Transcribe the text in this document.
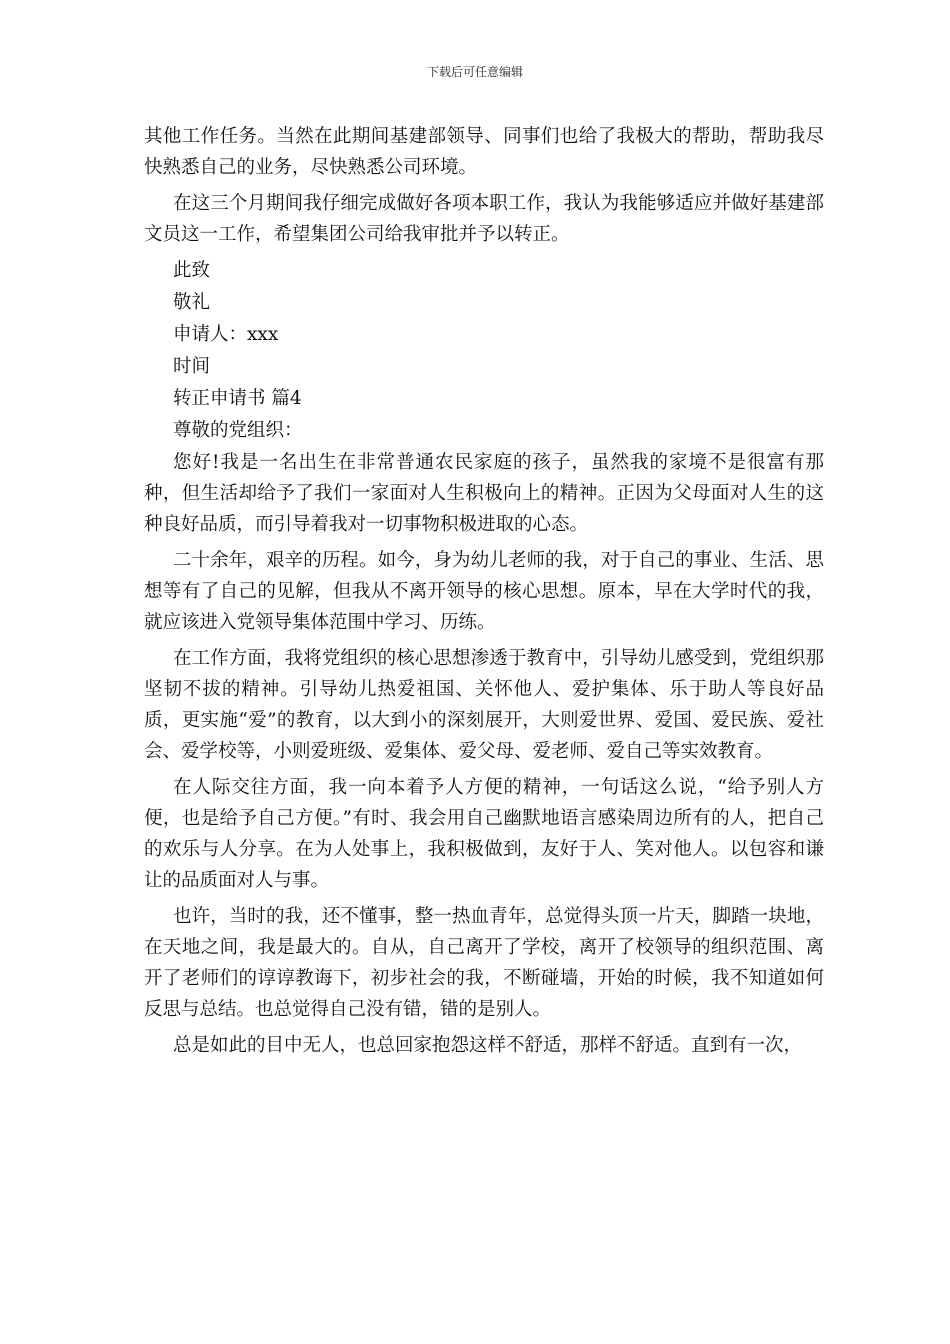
下载后可任意编辑

其他工作任务。当然在此期间基建部领导、同事们也给了我极大的帮助，帮助我尽快熟悉自己的业务，尽快熟悉公司环境。

在这三个月期间我仔细完成做好各项本职工作，我认为我能够适应并做好基建部文员这一工作，希望集团公司给我审批并予以转正。

此致

敬礼

申请人：xxx

时间

转正申请书 篇4

尊敬的党组织：

您好!我是一名出生在非常普通农民家庭的孩子，虽然我的家境不是很富有那种，但生活却给予了我们一家面对人生积极向上的精神。正因为父母面对人生的这种良好品质，而引导着我对一切事物积极进取的心态。

二十余年，艰辛的历程。如今，身为幼儿老师的我，对于自己的事业、生活、思想等有了自己的见解，但我从不离开领导的核心思想。原本，早在大学时代的我，就应该进入党领导集体范围中学习、历练。

在工作方面，我将党组织的核心思想渗透于教育中，引导幼儿感受到，党组织那坚韧不拔的精神。引导幼儿热爱祖国、关怀他人、爱护集体、乐于助人等良好品质，更实施“爱”的教育，以大到小的深刻展开，大则爱世界、爱国、爱民族、爱社会、爱学校等，小则爱班级、爱集体、爱父母、爱老师、爱自己等实效教育。

在人际交往方面，我一向本着予人方便的精神，一句话这么说，“给予别人方便，也是给予自己方便。”有时、我会用自己幽默地语言感染周边所有的人，把自己的欢乐与人分享。在为人处事上，我积极做到，友好于人、笑对他人。以包容和谦让的品质面对人与事。

也许，当时的我，还不懂事，整一热血青年，总觉得头顶一片天，脚踏一块地，在天地之间，我是最大的。自从，自己离开了学校，离开了校领导的组织范围、离开了老师们的谆谆教诲下，初步社会的我，不断碰墙，开始的时候，我不知道如何反思与总结。也总觉得自己没有错，错的是别人。

总是如此的目中无人，也总回家抱怨这样不舒适，那样不舒适。直到有一次，
